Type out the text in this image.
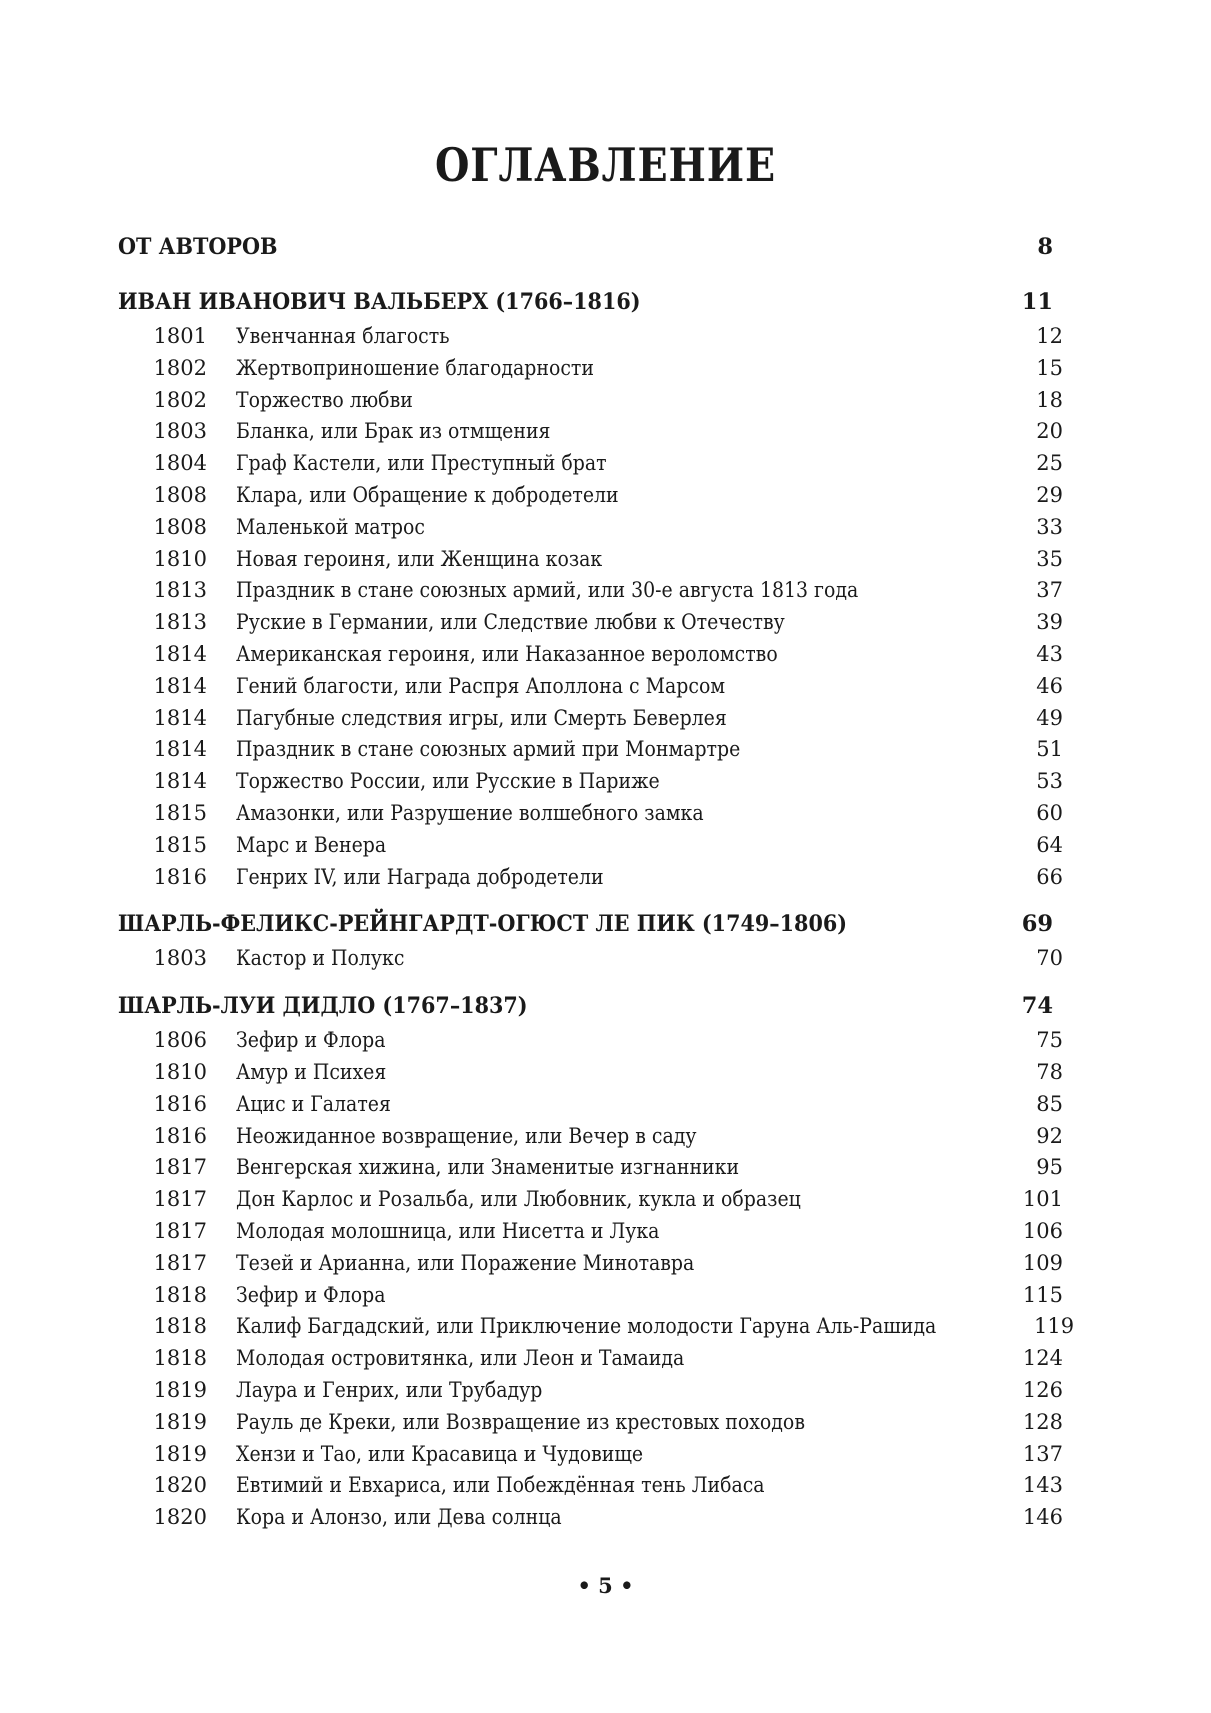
ОГЛАВЛЕНИЕ
ОТ АВТОРОВ	8
ИВАН ИВАНОВИЧ ВАЛЬБЕРХ (1766–1816)	11
1801 Увенчанная благость	12
1802 Жертвоприношение благодарности	15
1802 Торжество любви	18
1803 Бланка, или Брак из отмщения	20
1804 Граф Кастели, или Преступный брат	25
1808 Клара, или Обращение к добродетели	29
1808 Маленькой матрос	33
1810 Новая героиня, или Женщина козак	35
1813 Праздник в стане союзных армий, или 30-е августа 1813 года	37
1813 Руские в Германии, или Следствие любви к Отечеству	39
1814 Американская героиня, или Наказанное вероломство	43
1814 Гений благости, или Распря Аполлона с Марсом	46
1814 Пагубные следствия игры, или Смерть Беверлея	49
1814 Праздник в стане союзных армий при Монмартре	51
1814 Торжество России, или Русские в Париже	53
1815 Амазонки, или Разрушение волшебного замка	60
1815 Марс и Венера	64
1816 Генрих IV, или Награда добродетели	66
ШАРЛЬ-ФЕЛИКС-РЕЙНГАРДТ-ОГЮСТ ЛЕ ПИК (1749–1806)	69
1803 Кастор и Полукс	70
ШАРЛЬ-ЛУИ ДИДЛО (1767–1837)	74
1806 Зефир и Флора	75
1810 Амур и Психея	78
1816 Ацис и Галатея	85
1816 Неожиданное возвращение, или Вечер в саду	92
1817 Венгерская хижина, или Знаменитые изгнанники	95
1817 Дон Карлос и Розальба, или Любовник, кукла и образец	101
1817 Молодая молошница, или Нисетта и Лука	106
1817 Тезей и Арианна, или Поражение Минотавра	109
1818 Зефир и Флора	115
1818 Калиф Багдадский, или Приключение молодости Гаруна Аль-Рашида	119
1818 Молодая островитянка, или Леон и Тамаида	124
1819 Лаура и Генрих, или Трубадур	126
1819 Рауль де Креки, или Возвращение из крестовых походов	128
1819 Хензи и Тао, или Красавица и Чудовище	137
1820 Евтимий и Евхариса, или Побеждённая тень Либаса	143
1820 Кора и Алонзо, или Дева солнца	146
• 5 •
